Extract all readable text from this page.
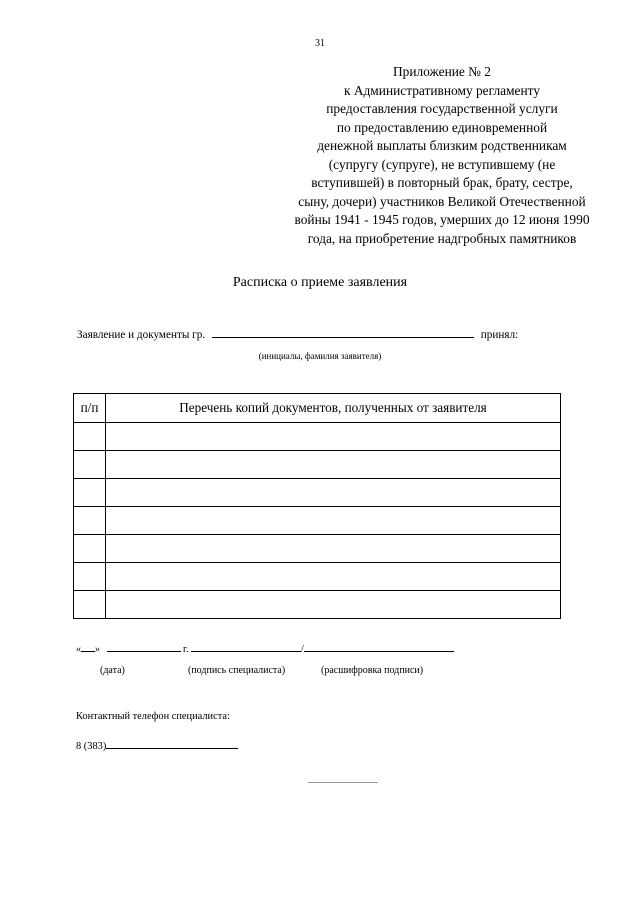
31
Приложение № 2
к Административному регламенту
предоставления государственной услуги
по предоставлению единовременной
денежной выплаты близким родственникам
(супругу (супруге), не вступившему (не
вступившей) в повторный брак, брату, сестре,
сыну, дочери) участников Великой Отечественной
войны 1941 - 1945 годов, умерших до 12 июня 1990
года, на приобретение надгробных памятников
Расписка о приеме заявления
Заявление и документы гр.	принял:
(инициалы, фамилия заявителя)
п/п	Перечень копий документов, полученных от заявителя

« »	г.	/
(дата)	(подпись специалиста)	(расшифровка подписи)
Контактный телефон специалиста:
8 (383)
